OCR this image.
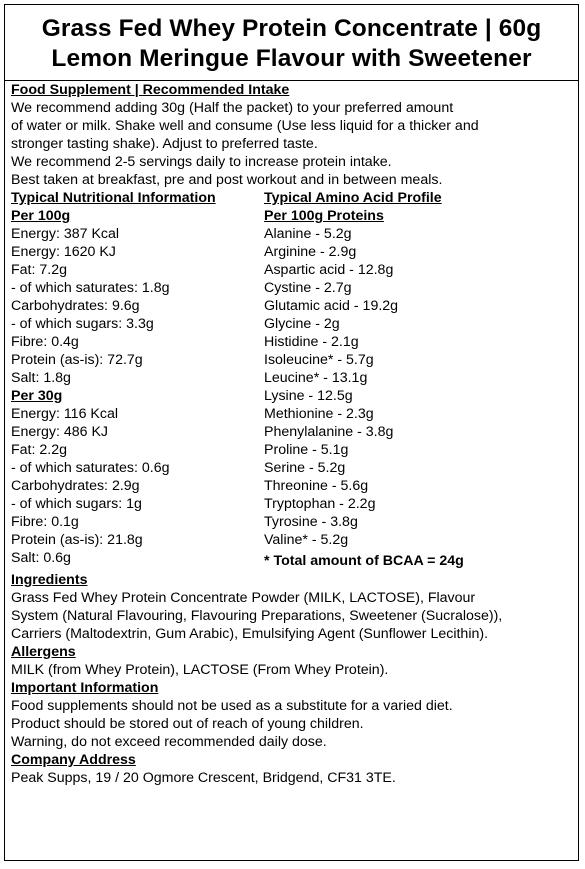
Grass Fed Whey Protein Concentrate | 60g
Lemon Meringue Flavour with Sweetener
Food Supplement | Recommended Intake
We recommend adding 30g (Half the packet) to your preferred amount
of water or milk. Shake well and consume (Use less liquid for a thicker and
stronger tasting shake). Adjust to preferred taste.
We recommend 2-5 servings daily to increase protein intake.
Best taken at breakfast, pre and post workout and in between meals.
Typical Nutritional Information
Per 100g
Energy: 387 Kcal
Energy: 1620 KJ
Fat: 7.2g
- of which saturates: 1.8g
Carbohydrates: 9.6g
- of which sugars: 3.3g
Fibre: 0.4g
Protein (as-is): 72.7g
Salt: 1.8g
Per 30g
Energy: 116 Kcal
Energy: 486 KJ
Fat: 2.2g
- of which saturates: 0.6g
Carbohydrates: 2.9g
- of which sugars: 1g
Fibre: 0.1g
Protein (as-is): 21.8g
Salt: 0.6g
Typical Amino Acid Profile
Per 100g Proteins
Alanine - 5.2g
Arginine - 2.9g
Aspartic acid - 12.8g
Cystine - 2.7g
Glutamic acid - 19.2g
Glycine - 2g
Histidine - 2.1g
Isoleucine* - 5.7g
Leucine* - 13.1g
Lysine - 12.5g
Methionine - 2.3g
Phenylalanine - 3.8g
Proline - 5.1g
Serine - 5.2g
Threonine - 5.6g
Tryptophan - 2.2g
Tyrosine - 3.8g
Valine* - 5.2g
* Total amount of BCAA = 24g
Ingredients
Grass Fed Whey Protein Concentrate Powder (MILK, LACTOSE), Flavour
System (Natural Flavouring, Flavouring Preparations, Sweetener (Sucralose)),
Carriers (Maltodextrin, Gum Arabic), Emulsifying Agent (Sunflower Lecithin).
Allergens
MILK (from Whey Protein), LACTOSE (From Whey Protein).
Important Information
Food supplements should not be used as a substitute for a varied diet.
Product should be stored out of reach of young children.
Warning, do not exceed recommended daily dose.
Company Address
Peak Supps, 19 / 20 Ogmore Crescent, Bridgend, CF31 3TE.
